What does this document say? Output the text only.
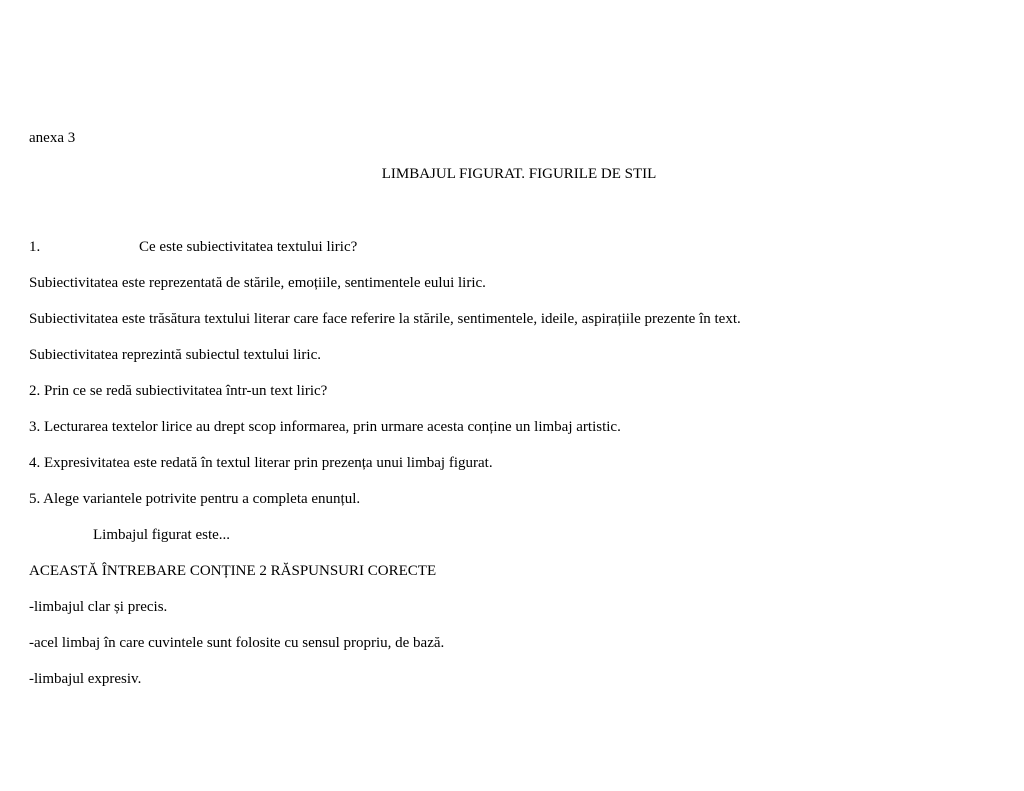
anexa 3
LIMBAJUL FIGURAT. FIGURILE DE STIL
1.	Ce este subiectivitatea textului liric?
Subiectivitatea este reprezentată de stările, emoțiile, sentimentele eului liric.
Subiectivitatea este trăsătura textului literar care face referire la stările, sentimentele, ideile, aspirațiile prezente în text.
Subiectivitatea reprezintă subiectul textului liric.
2. Prin ce se redă subiectivitatea într-un text liric?
3. Lecturarea textelor lirice au drept scop informarea, prin urmare acesta conține un limbaj artistic.
4. Expresivitatea este redată în textul literar prin prezența unui limbaj figurat.
5. Alege variantele potrivite pentru a completa enunțul.
Limbajul figurat este...
ACEASTĂ ÎNTREBARE CONȚINE 2 RĂSPUNSURI CORECTE
-limbajul clar și precis.
-acel limbaj în care cuvintele sunt folosite cu sensul propriu, de bază.
-limbajul expresiv.
